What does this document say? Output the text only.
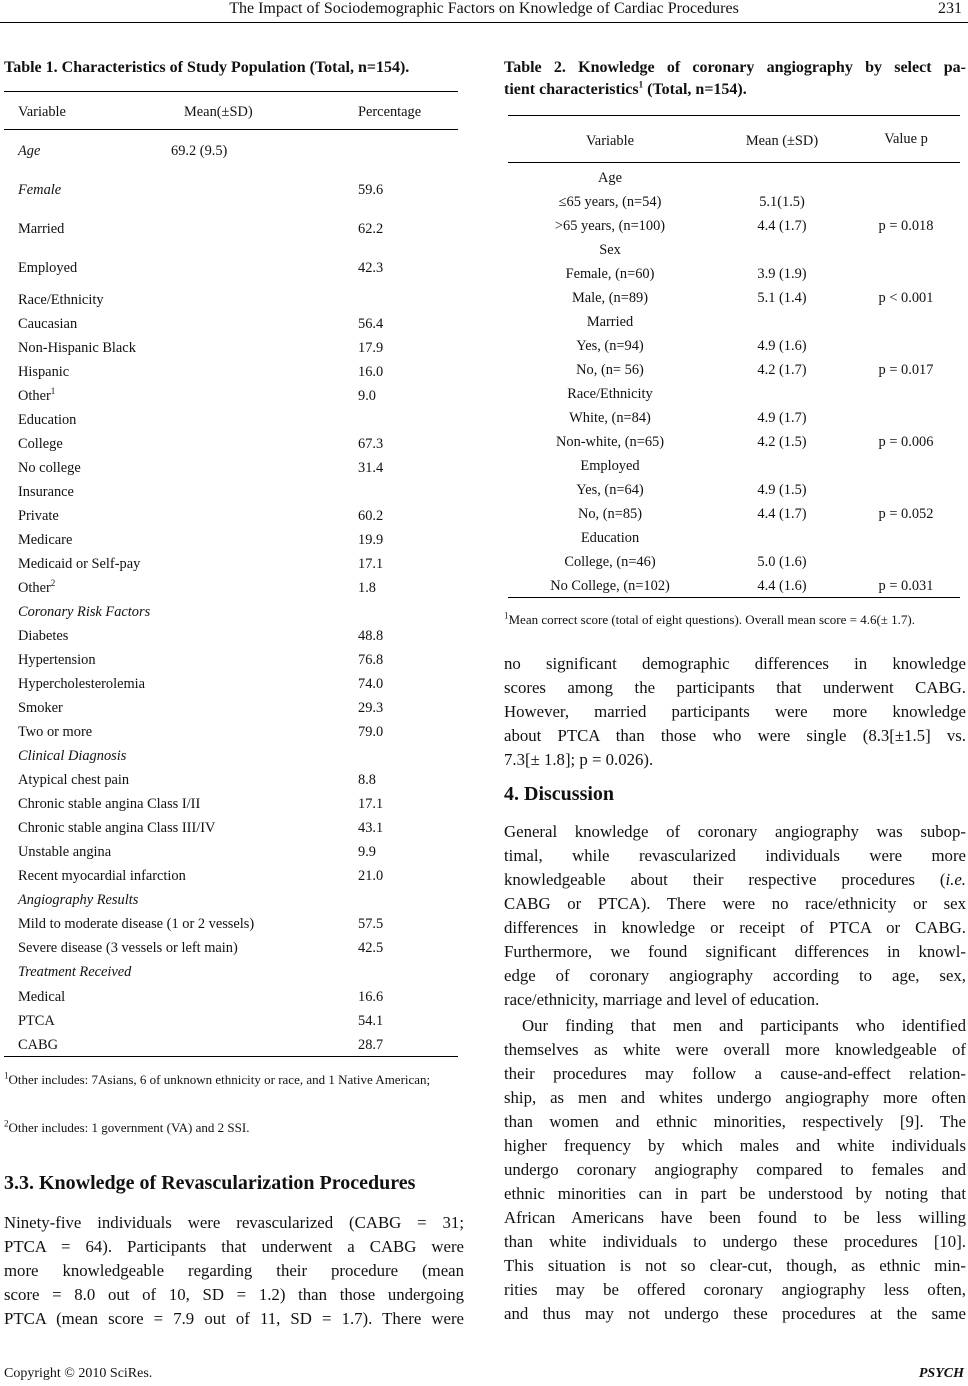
The Impact of Sociodemographic Factors on Knowledge of Cardiac Procedures	231
Table 1. Characteristics of Study Population (Total, n=154).
Variable	Mean(±SD)	Percentage
Age	69.2 (9.5)
Female	59.6
Married	62.2
Employed	42.3
Race/Ethnicity
Caucasian	56.4
Non-Hispanic Black	17.9
Hispanic	16.0
Other$^1$	9.0
Education
College	67.3
No college	31.4
Insurance
Private	60.2
Medicare	19.9
Medicaid or Self-pay	17.1
Other$^2$	1.8
Coronary Risk Factors
Diabetes	48.8
Hypertension	76.8
Hypercholesterolemia	74.0
Smoker	29.3
Two or more	79.0
Clinical Diagnosis
Atypical chest pain	8.8
Chronic stable angina Class I/II	17.1
Chronic stable angina Class III/IV	43.1
Unstable angina	9.9
Recent myocardial infarction	21.0
Angiography Results
Mild to moderate disease (1 or 2 vessels)	57.5
Severe disease (3 vessels or left main)	42.5
Treatment Received
Medical	16.6
PTCA	54.1
CABG	28.7
$^1$Other includes: 7Asians, 6 of unknown ethnicity or race, and 1 Native American;
$^2$Other includes: 1 government (VA) and 2 SSI.
3.3. Knowledge of Revascularization Procedures
Ninety-five individuals were revascularized (CABG = 31;
PTCA = 64). Participants that underwent a CABG were
more knowledgeable regarding their procedure (mean
score = 8.0 out of 10, SD = 1.2) than those undergoing
PTCA (mean score = 7.9 out of 11, SD = 1.7). There were
Table 2. Knowledge of coronary angiography by select pa-
tient characteristics$^1$ (Total, n=154).
Variable	Mean (±SD)	Value p
Age
≤65 years, (n=54)	5.1(1.5)
>65 years, (n=100)	4.4 (1.7)	p = 0.018
Sex
Female, (n=60)	3.9 (1.9)
Male, (n=89)	5.1 (1.4)	p < 0.001
Married
Yes, (n=94)	4.9 (1.6)
No, (n= 56)	4.2 (1.7)	p = 0.017
Race/Ethnicity
White, (n=84)	4.9 (1.7)
Non-white, (n=65)	4.2 (1.5)	p = 0.006
Employed
Yes, (n=64)	4.9 (1.5)
No, (n=85)	4.4 (1.7)	p = 0.052
Education
College, (n=46)	5.0 (1.6)
No College, (n=102)	4.4 (1.6)	p = 0.031
$^1$Mean correct score (total of eight questions). Overall mean score = 4.6(± 1.7).
no significant demographic differences in knowledge
scores among the participants that underwent CABG.
However, married participants were more knowledge
about PTCA than those who were single (8.3[±1.5] vs.
7.3[± 1.8]; p = 0.026).
4. Discussion
General knowledge of coronary angiography was subop-
timal, while revascularized individuals were more
knowledgeable about their respective procedures (i.e.
CABG or PTCA). There were no race/ethnicity or sex
differences in knowledge or receipt of PTCA or CABG.
Furthermore, we found significant differences in knowl-
edge of coronary angiography according to age, sex,
race/ethnicity, marriage and level of education.
Our finding that men and participants who identified
themselves as white were overall more knowledgeable of
their procedures may follow a cause-and-effect relation-
ship, as men and whites undergo angiography more often
than women and ethnic minorities, respectively [9]. The
higher frequency by which males and white individuals
undergo coronary angiography compared to females and
ethnic minorities can in part be understood by noting that
African Americans have been found to be less willing
than white individuals to undergo these procedures [10].
This situation is not so clear-cut, though, as ethnic min-
rities may be offered coronary angiography less often,
and thus may not undergo these procedures at the same
Copyright © 2010 SciRes.	PSYCH
